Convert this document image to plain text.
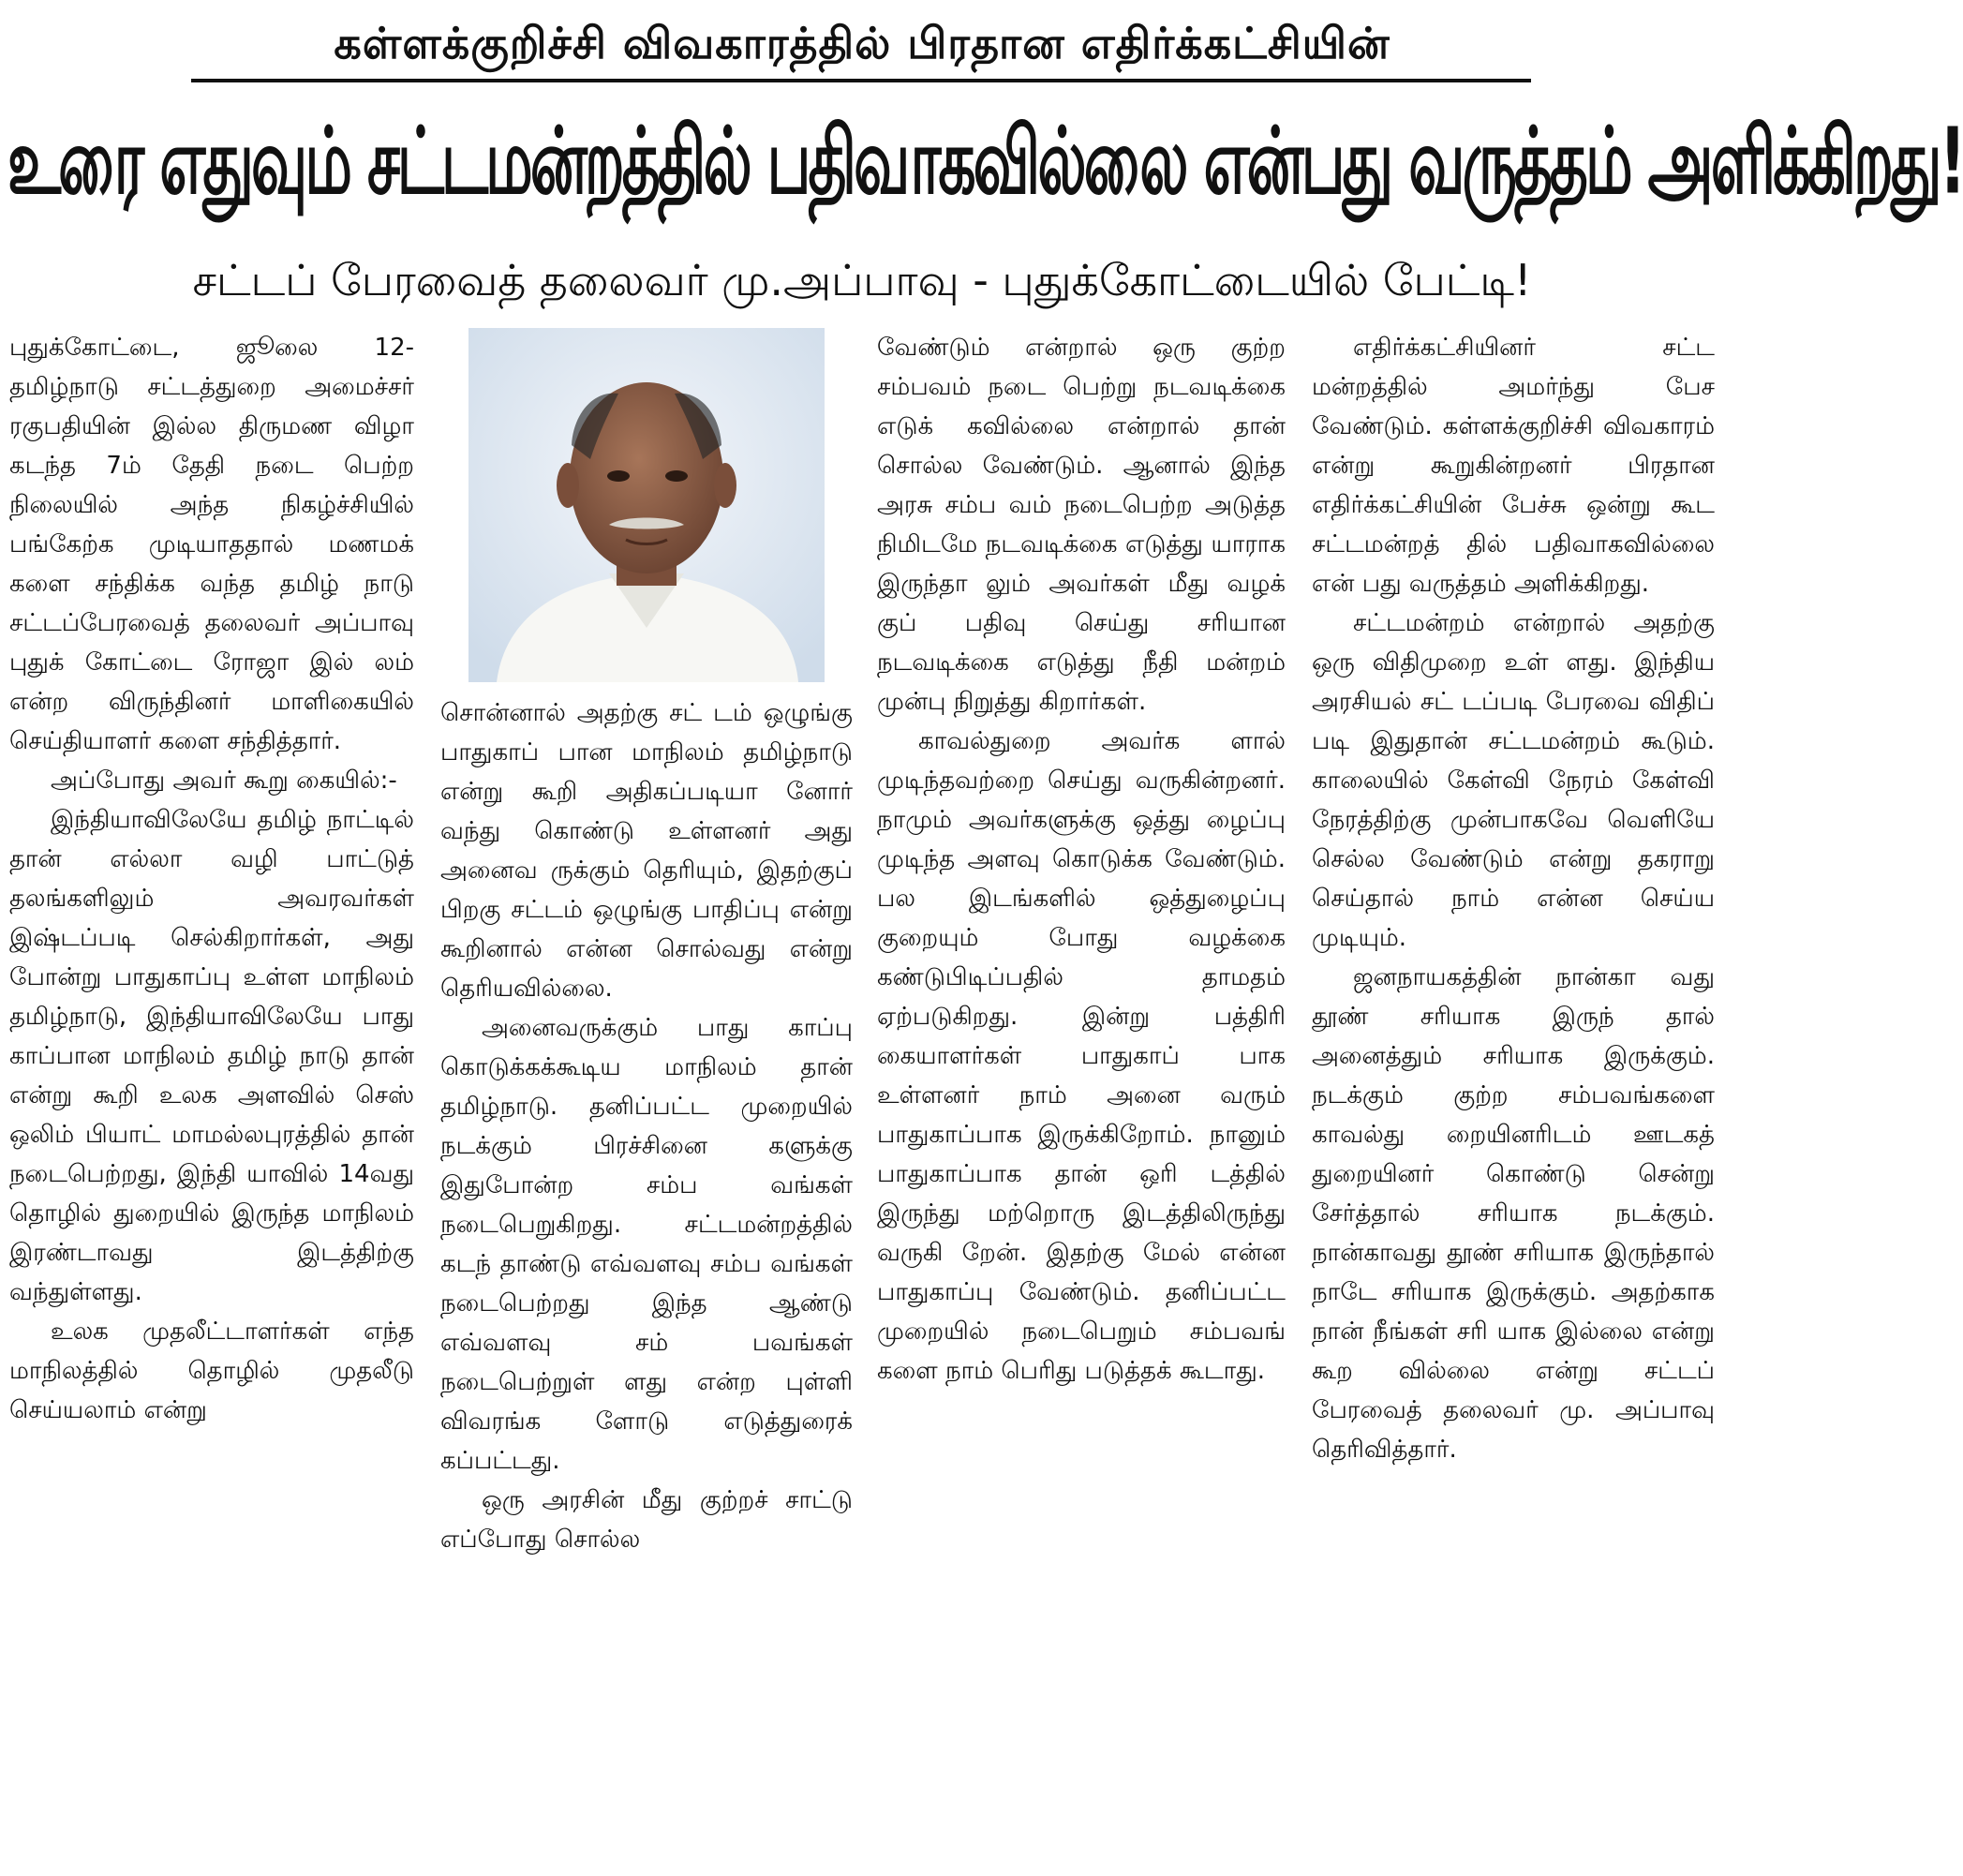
கள்ளக்குறிச்சி விவகாரத்தில் பிரதான எதிர்க்கட்சியின்
உரை எதுவும் சட்டமன்றத்தில் பதிவாகவில்லை என்பது வருத்தம் அளிக்கிறது!
சட்டப் பேரவைத் தலைவர் மு.அப்பாவு - புதுக்கோட்டையில் பேட்டி!

புதுக்கோட்டை, ஜூலை 12- தமிழ்நாடு சட்டத்துறை அமைச்சர் ரகுபதியின் இல்ல திருமண விழா கடந்த 7ம் தேதி நடை பெற்ற நிலையில் அந்த நிகழ்ச்சியில் பங்கேற்க முடியாததால் மணமக் களை சந்திக்க வந்த தமிழ் நாடு சட்டப்பேரவைத் தலைவர் அப்பாவு புதுக் கோட்டை ரோஜா இல் லம் என்ற விருந்தினர் மாளிகையில் செய்தியாளர் களை சந்தித்தார்.

அப்போது அவர் கூறு கையில்:-

இந்தியாவிலேயே தமிழ் நாட்டில் தான் எல்லா வழி பாட்டுத் தலங்களிலும் அவரவர்கள் இஷ்டப்படி செல்கிறார்கள், அது போன்று பாதுகாப்பு உள்ள மாநிலம் தமிழ்நாடு, இந்தியாவிலேயே பாது காப்பான மாநிலம் தமிழ் நாடு தான் என்று கூறி உலக அளவில் செஸ் ஒலிம் பியாட் மாமல்லபுரத்தில் தான் நடைபெற்றது, இந்தி யாவில் 14வது தொழில் துறையில் இருந்த மாநிலம் இரண்டாவது இடத்திற்கு வந்துள்ளது.

உலக முதலீட்டாளர்கள் எந்த மாநிலத்தில் தொழில் முதலீடு செய்யலாம் என்று

சொன்னால் அதற்கு சட் டம் ஒழுங்கு பாதுகாப் பான மாநிலம் தமிழ்நாடு என்று கூறி அதிகப்படியா னோர் வந்து கொண்டு உள்ளனர் அது அனைவ ருக்கும் தெரியும், இதற்குப் பிறகு சட்டம் ஒழுங்கு பாதிப்பு என்று கூறினால் என்ன சொல்வது என்று தெரியவில்லை.

அனைவருக்கும் பாது காப்பு கொடுக்கக்கூடிய மாநிலம் தான் தமிழ்நாடு. தனிப்பட்ட முறையில் நடக்கும் பிரச்சினை களுக்கு இதுபோன்ற சம்ப வங்கள் நடைபெறுகிறது. சட்டமன்றத்தில் கடந் தாண்டு எவ்வளவு சம்ப வங்கள் நடைபெற்றது இந்த ஆண்டு எவ்வளவு சம் பவங்கள் நடைபெற்றுள் ளது என்ற புள்ளி விவரங்க ளோடு எடுத்துரைக் கப்பட்டது.

ஒரு அரசின் மீது குற்றச் சாட்டு எப்போது சொல்ல

வேண்டும் என்றால் ஒரு குற்ற சம்பவம் நடை பெற்று நடவடிக்கை எடுக் கவில்லை என்றால் தான் சொல்ல வேண்டும். ஆனால் இந்த அரசு சம்ப வம் நடைபெற்ற அடுத்த நிமிடமே நடவடிக்கை எடுத்து யாராக இருந்தா லும் அவர்கள் மீது வழக் குப் பதிவு செய்து சரியான நடவடிக்கை எடுத்து நீதி மன்றம் முன்பு நிறுத்து கிறார்கள்.

காவல்துறை அவர்க ளால் முடிந்தவற்றை செய்து வருகின்றனர். நாமும் அவர்களுக்கு ஒத்து ழைப்பு முடிந்த அளவு கொடுக்க வேண்டும். பல இடங்களில் ஒத்துழைப்பு குறையும் போது வழக்கை கண்டுபிடிப்பதில் தாமதம் ஏற்படுகிறது. இன்று பத்திரி கையாளர்கள் பாதுகாப் பாக உள்ளனர் நாம் அனை வரும் பாதுகாப்பாக இருக்கிறோம். நானும் பாதுகாப்பாக தான் ஒரி டத்தில் இருந்து மற்றொரு இடத்திலிருந்து வருகி றேன். இதற்கு மேல் என்ன பாதுகாப்பு வேண்டும். தனிப்பட்ட முறையில் நடைபெறும் சம்பவங் களை நாம் பெரிது படுத்தக் கூடாது.

எதிர்க்கட்சியினர் சட்ட மன்றத்தில் அமர்ந்து பேச வேண்டும். கள்ளக்குறிச்சி விவகாரம் என்று கூறுகின்றனர் பிரதான எதிர்க்கட்சியின் பேச்சு ஒன்று கூட சட்டமன்றத் தில் பதிவாகவில்லை என் பது வருத்தம் அளிக்கிறது.

சட்டமன்றம் என்றால் அதற்கு ஒரு விதிமுறை உள் ளது. இந்திய அரசியல் சட் டப்படி பேரவை விதிப் படி இதுதான் சட்டமன்றம் கூடும். காலையில் கேள்வி நேரம் கேள்வி நேரத்திற்கு முன்பாகவே வெளியே செல்ல வேண்டும் என்று தகராறு செய்தால் நாம் என்ன செய்ய முடியும்.

ஜனநாயகத்தின் நான்கா வது தூண் சரியாக இருந் தால் அனைத்தும் சரியாக இருக்கும். நடக்கும் குற்ற சம்பவங்களை காவல்து றையினரிடம் ஊடகத் துறையினர் கொண்டு சென்று சேர்த்தால் சரியாக நடக்கும். நான்காவது தூண் சரியாக இருந்தால் நாடே சரியாக இருக்கும். அதற்காக நான் நீங்கள் சரி யாக இல்லை என்று கூற வில்லை என்று சட்டப் பேரவைத் தலைவர் மு. அப்பாவு தெரிவித்தார்.
